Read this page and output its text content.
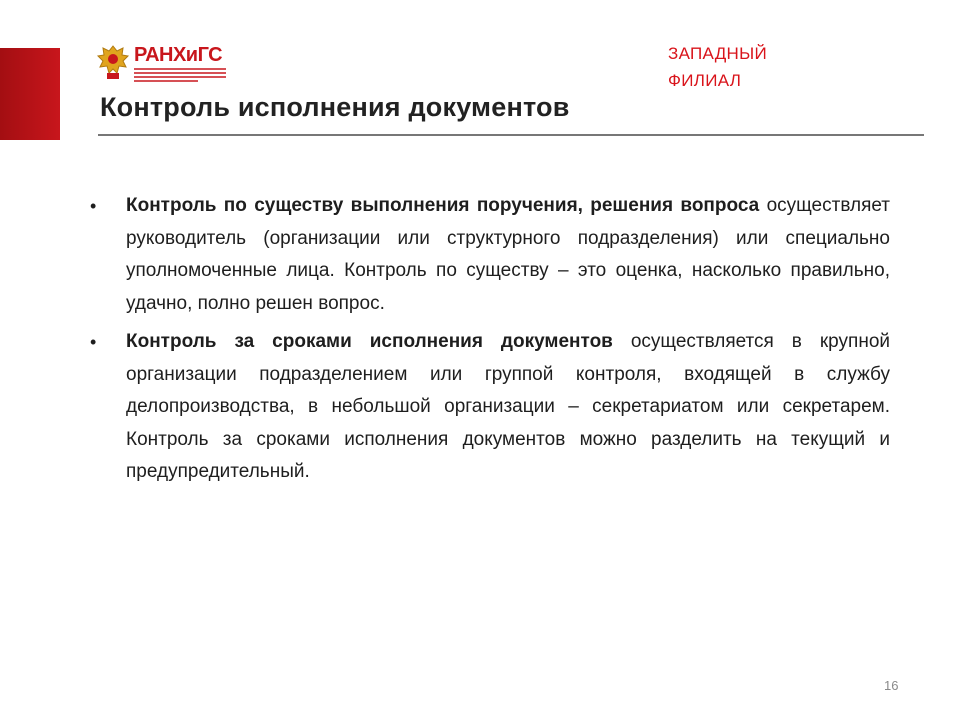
РАНХиГС	ЗАПАДНЫЙ
ФИЛИАЛ
Контроль исполнения документов
• Контроль по существу выполнения поручения, решения вопроса осуществляет руководитель (организации или структурного подразделения) или специально уполномоченные лица. Контроль по существу – это оценка, насколько правильно, удачно, полно решен вопрос.
• Контроль за сроками исполнения документов осуществляется в крупной организации подразделением или группой контроля, входящей в службу делопроизводства, в небольшой организации – секретариатом или секретарем. Контроль за сроками исполнения документов можно разделить на текущий и предупредительный.
16
